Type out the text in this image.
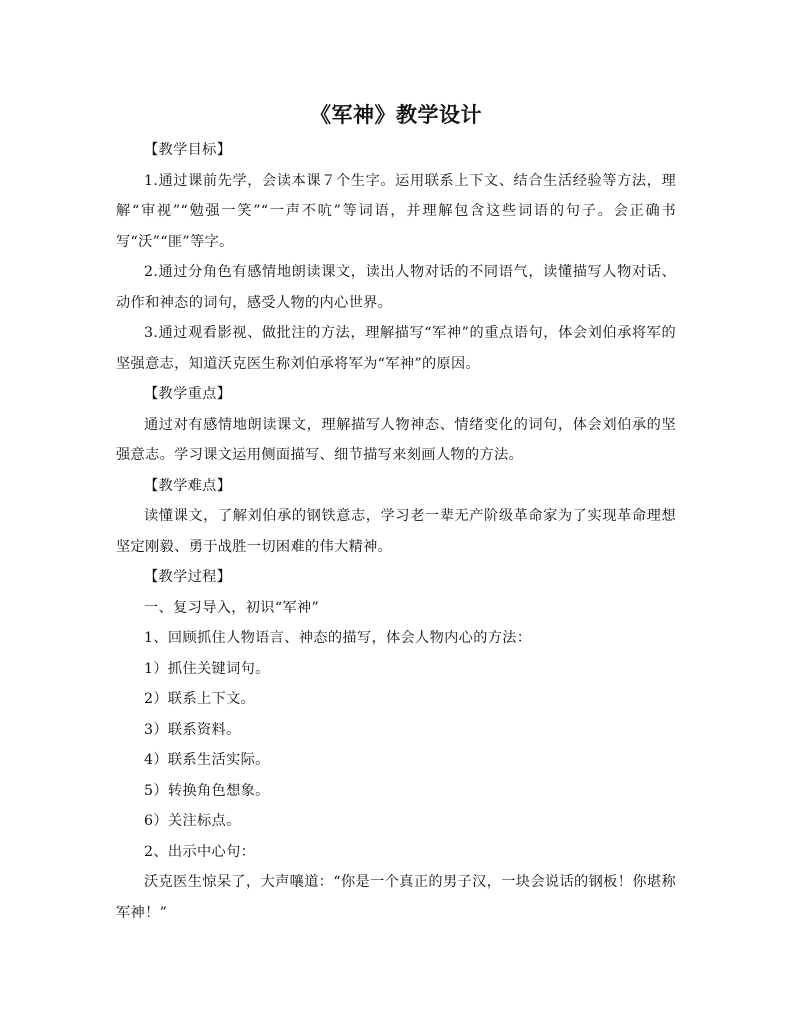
《军神》教学设计

【教学目标】

1.通过课前先学，会读本课７个生字。运用联系上下文、结合生活经验等方法，理解“审视”“勉强一笑”“一声不吭”等词语，并理解包含这些词语的句子。会正确书写“沃”“匪”等字。

2.通过分角色有感情地朗读课文，读出人物对话的不同语气，读懂描写人物对话、动作和神态的词句，感受人物的内心世界。

3.通过观看影视、做批注的方法，理解描写“军神”的重点语句，体会刘伯承将军的坚强意志，知道沃克医生称刘伯承将军为“军神”的原因。

【教学重点】

通过对有感情地朗读课文，理解描写人物神态、情绪变化的词句，体会刘伯承的坚强意志。学习课文运用侧面描写、细节描写来刻画人物的方法。

【教学难点】

读懂课文，了解刘伯承的钢铁意志，学习老一辈无产阶级革命家为了实现革命理想坚定刚毅、勇于战胜一切困难的伟大精神。

【教学过程】

一、复习导入，初识“军神”

1、回顾抓住人物语言、神态的描写，体会人物内心的方法：

1）抓住关键词句。

2）联系上下文。

3）联系资料。

4）联系生活实际。

5）转换角色想象。

6）关注标点。

2、出示中心句：

沃克医生惊呆了，大声嚷道：“你是一个真正的男子汉，一块会说话的钢板！你堪称军神！”
